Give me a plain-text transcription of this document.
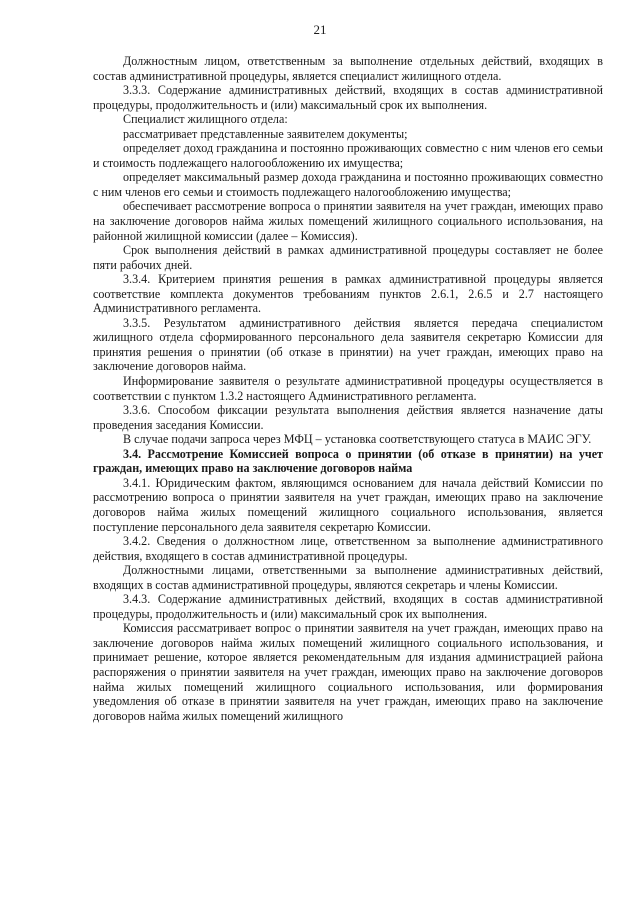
21

Должностным лицом, ответственным за выполнение отдельных действий, входящих в состав административной процедуры, является специалист жилищного отдела.

3.3.3. Содержание административных действий, входящих в состав административной процедуры, продолжительность и (или) максимальный срок их выполнения.

Специалист жилищного отдела:

рассматривает представленные заявителем документы;

определяет доход гражданина и постоянно проживающих совместно с ним членов его семьи и стоимость подлежащего налогообложению их имущества;

определяет максимальный размер дохода гражданина и постоянно проживающих совместно с ним членов его семьи и стоимость подлежащего налогообложению имущества;

обеспечивает рассмотрение вопроса о принятии заявителя на учет граждан, имеющих право на заключение договоров найма жилых помещений жилищного социального использования, на районной жилищной комиссии (далее – Комиссия).

Срок выполнения действий в рамках административной процедуры составляет не более пяти рабочих дней.

3.3.4. Критерием принятия решения в рамках административной процедуры является соответствие комплекта документов требованиям пунктов 2.6.1, 2.6.5 и 2.7 настоящего Административного регламента.

3.3.5. Результатом административного действия является передача специалистом жилищного отдела сформированного персонального дела заявителя секретарю Комиссии для принятия решения о принятии (об отказе в принятии) на учет граждан, имеющих право на заключение договоров найма.

Информирование заявителя о результате административной процедуры осуществляется в соответствии с пунктом 1.3.2 настоящего Административного регламента.

3.3.6. Способом фиксации результата выполнения действия является назначение даты проведения заседания Комиссии.

В случае подачи запроса через МФЦ – установка соответствующего статуса в МАИС ЭГУ.

3.4. Рассмотрение Комиссией вопроса о принятии (об отказе в принятии) на учет граждан, имеющих право на заключение договоров найма

3.4.1. Юридическим фактом, являющимся основанием для начала действий Комиссии по рассмотрению вопроса о принятии заявителя на учет граждан, имеющих право на заключение договоров найма жилых помещений жилищного социального использования, является поступление персонального дела заявителя секретарю Комиссии.

3.4.2. Сведения о должностном лице, ответственном за выполнение административного действия, входящего в состав административной процедуры.

Должностными лицами, ответственными за выполнение административных действий, входящих в состав административной процедуры, являются секретарь и члены Комиссии.

3.4.3. Содержание административных действий, входящих в состав административной процедуры, продолжительность и (или) максимальный срок их выполнения.

Комиссия рассматривает вопрос о принятии заявителя на учет граждан, имеющих право на заключение договоров найма жилых помещений жилищного социального использования, и принимает решение, которое является рекомендательным для издания администрацией района распоряжения о принятии заявителя на учет граждан, имеющих право на заключение договоров найма жилых помещений жилищного социального использования, или формирования уведомления об отказе в принятии заявителя на учет граждан, имеющих право на заключение договоров найма жилых помещений жилищного
